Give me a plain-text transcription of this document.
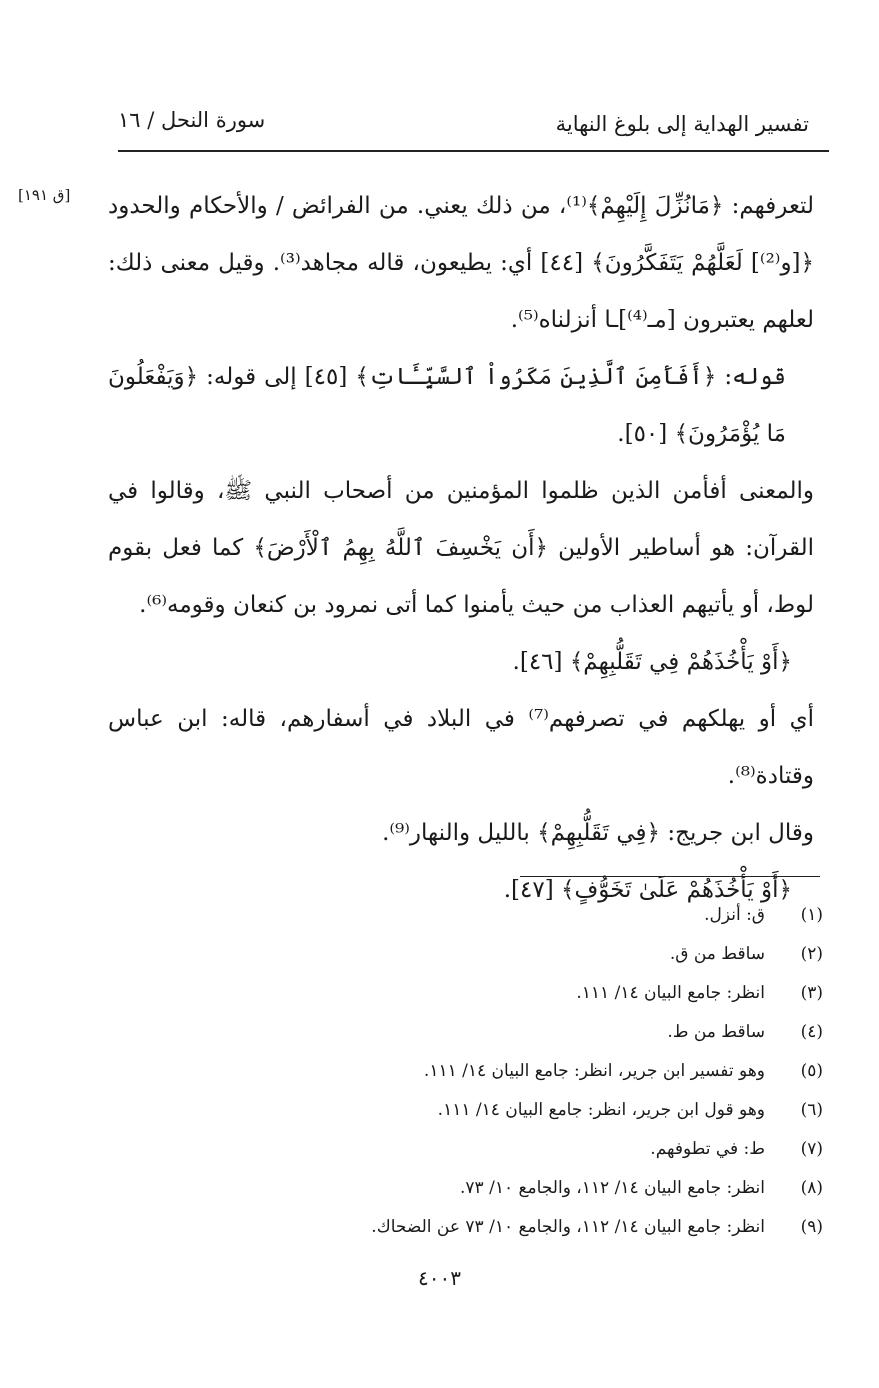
تفسير الهداية إلى بلوغ النهاية
سورة النحل / ١٦
[ق ١٩١] لتعرفهم: ﴿مَانُزِّلَ إِلَيْهِمْ﴾⁽¹⁾، من ذلك يعني. من الفرائض / والأحكام والحدود ﴿[و⁽²⁾] لَعَلَّهُمْ يَتَفَكَّرُونَ﴾ [٤٤] أي: يطيعون، قاله مجاهد⁽³⁾. وقيل معنى ذلك: لعلهم يعتبرون [مـ⁽⁴⁾]ـا أنزلناه⁽⁵⁾.

قوله: ﴿أَفَأَمِنَ ٱلَّذِينَ مَكَرُواْ ٱلسَّيِّـَٔاتِ﴾ [٤٥] إلى قوله: ﴿وَيَفْعَلُونَ مَا يُؤْمَرُونَ﴾ [٥٠].

والمعنى أفأمن الذين ظلموا المؤمنين من أصحاب النبي ﷺ، وقالوا في القرآن: هو أساطير الأولين ﴿أَن يَخْسِفَ ٱللَّهُ بِهِمُ ٱلْأَرْضَ﴾ كما فعل بقوم لوط، أو يأتيهم العذاب من حيث يأمنوا كما أتى نمرود بن كنعان وقومه⁽⁶⁾.

﴿أَوْ يَأْخُذَهُمْ فِي تَقَلُّبِهِمْ﴾ [٤٦].

أي أو يهلكهم في تصرفهم⁽⁷⁾ في البلاد في أسفارهم، قاله: ابن عباس وقتادة⁽⁸⁾.

وقال ابن جريج: ﴿فِي تَقَلُّبِهِمْ﴾ بالليل والنهار⁽⁹⁾.

﴿أَوْ يَأْخُذَهُمْ عَلَىٰ تَخَوُّفٍ﴾ [٤٧].

(١)
ق: أنزل.
(٢)
ساقط من ق.
(٣)
انظر: جامع البيان ١٤/ ١١١.
(٤)
ساقط من ط.
(٥)
وهو تفسير ابن جرير، انظر: جامع البيان ١٤/ ١١١.
(٦)
وهو قول ابن جرير، انظر: جامع البيان ١٤/ ١١١.
(٧)
ط: في تطوفهم.
(٨)
انظر: جامع البيان ١٤/ ١١٢، والجامع ١٠/ ٧٣.
(٩)
انظر: جامع البيان ١٤/ ١١٢، والجامع ١٠/ ٧٣ عن الضحاك.
٤٠٠٣
